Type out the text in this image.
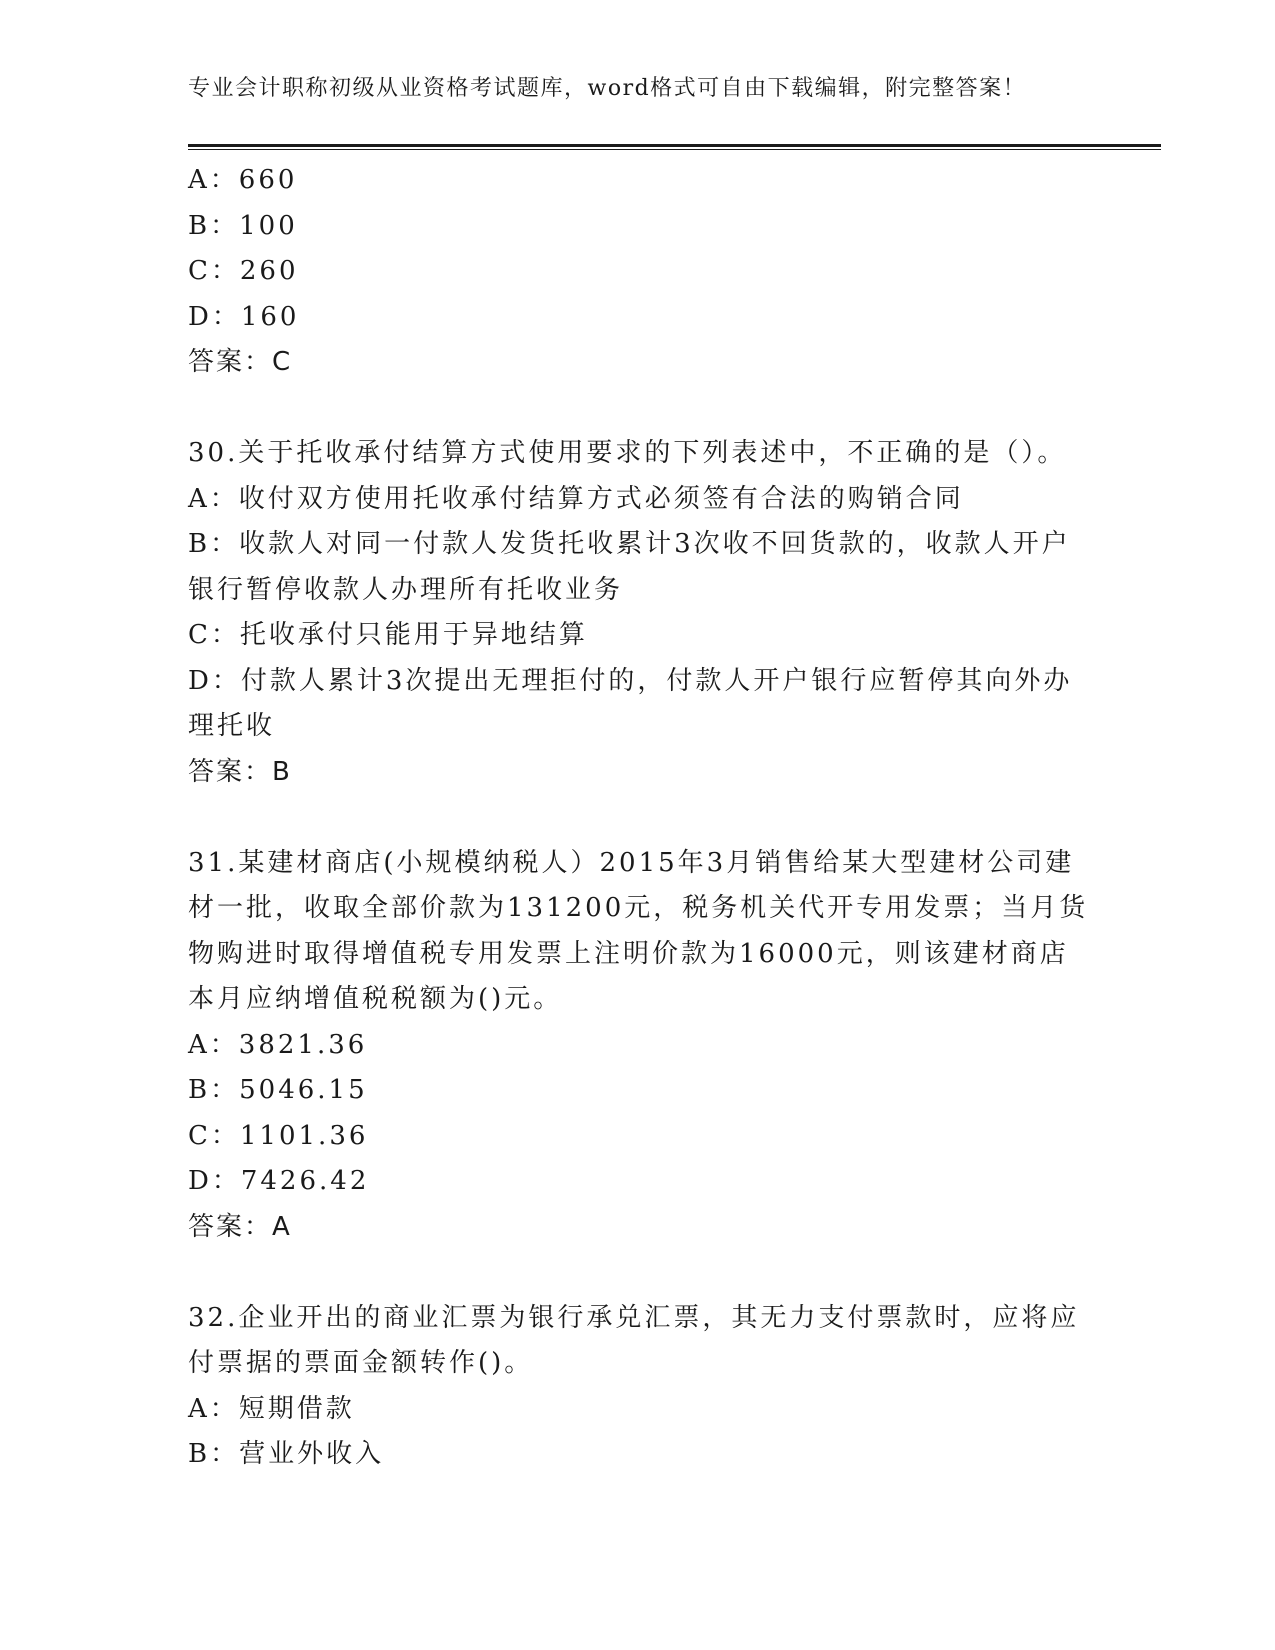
专业会计职称初级从业资格考试题库，word格式可自由下载编辑，附完整答案！
A：660
B：100
C：260
D：160
答案：C
30.关于托收承付结算方式使用要求的下列表述中，不正确的是（）。
A：收付双方使用托收承付结算方式必须签有合法的购销合同
B：收款人对同一付款人发货托收累计3次收不回货款的，收款人开户
银行暂停收款人办理所有托收业务
C：托收承付只能用于异地结算
D：付款人累计3次提出无理拒付的，付款人开户银行应暂停其向外办
理托收
答案：B
31.某建材商店(小规模纳税人）2015年3月销售给某大型建材公司建
材一批，收取全部价款为131200元，税务机关代开专用发票；当月货
物购进时取得增值税专用发票上注明价款为16000元，则该建材商店
本月应纳增值税税额为()元。
A：3821.36
B：5046.15
C：1101.36
D：7426.42
答案：A
32.企业开出的商业汇票为银行承兑汇票，其无力支付票款时，应将应
付票据的票面金额转作()。
A：短期借款
B：营业外收入
